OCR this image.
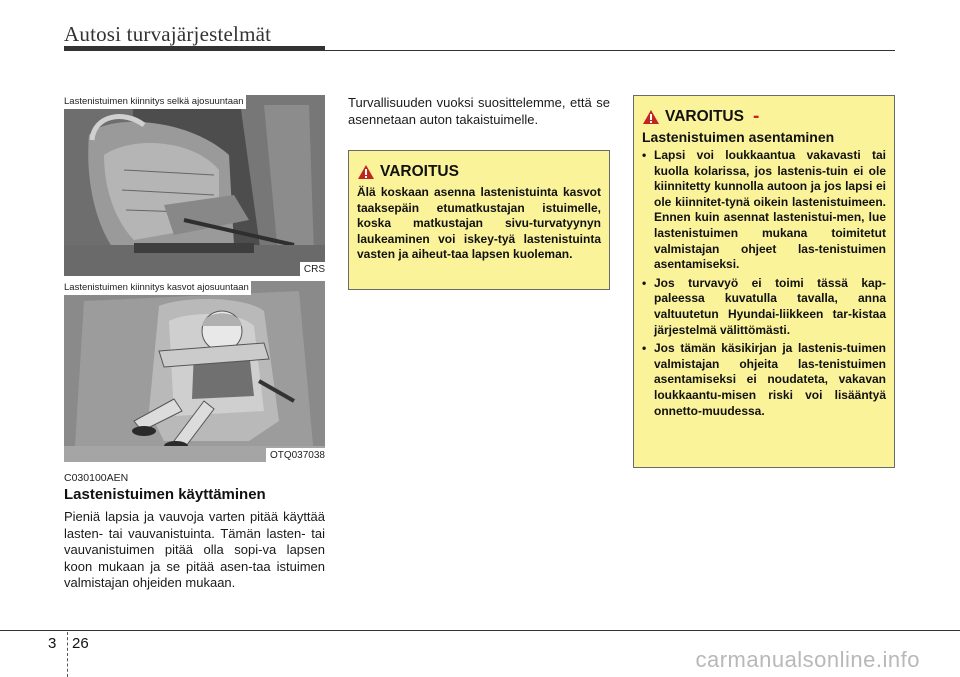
Autosi turvajärjestelmät
Lastenistuimen kiinnitys selkä ajosuuntaan
CRS
Lastenistuimen kiinnitys kasvot ajosuuntaan
OTQ037038
C030100AEN
Lastenistuimen käyttäminen
Pieniä lapsia ja vauvoja varten pitää käyttää lasten- tai vauvanistuinta. Tämän lasten- tai vauvanistuimen pitää olla sopi-va lapsen koon mukaan ja se pitää asen-taa istuimen valmistajan ohjeiden mukaan.
Turvallisuuden vuoksi suosittelemme, että se asennetaan auton takaistuimelle.
VAROITUS
Älä koskaan asenna lastenistuinta kasvot taaksepäin etumatkustajan istuimelle, koska matkustajan sivu-turvatyynyn laukeaminen voi iskey-tyä lastenistuinta vasten ja aiheut-taa lapsen kuoleman.
VAROITUS -
Lastenistuimen asentaminen
• Lapsi voi loukkaantua vakavasti tai kuolla kolarissa, jos lastenis-tuin ei ole kiinnitetty kunnolla autoon ja jos lapsi ei ole kiinnitet-tynä oikein lastenistuimeen. Ennen kuin asennat lastenistui-men, lue lastenistuimen mukana toimitetut valmistajan ohjeet las-tenistuimen asentamiseksi.
• Jos turvavyö ei toimi tässä kap-paleessa kuvatulla tavalla, anna valtuutetun Hyundai-liikkeen tar-kistaa järjestelmä välittömästi.
• Jos tämän käsikirjan ja lastenis-tuimen valmistajan ohjeita las-tenistuimen asentamiseksi ei noudateta, vakavan loukkaantu-misen riski voi lisääntyä onnetto-muudessa.
3 26
carmanualsonline.info
